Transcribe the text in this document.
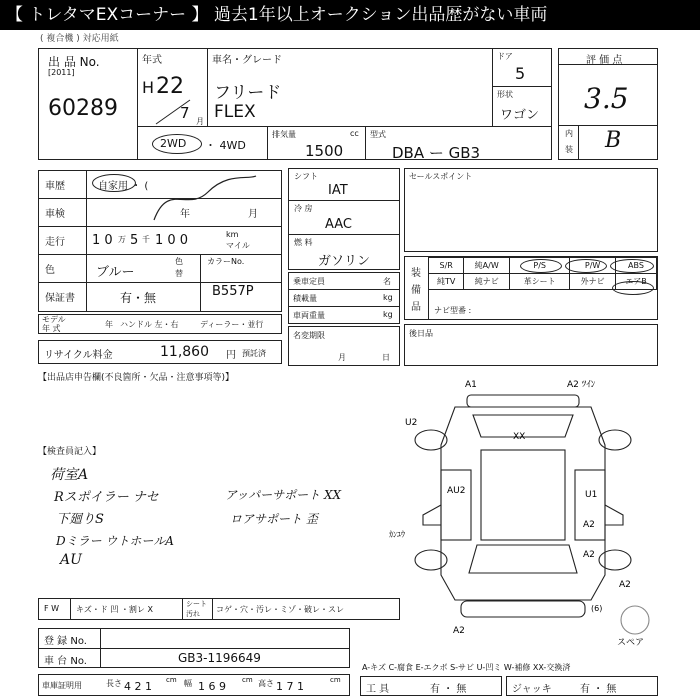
【 トレタマEXコーナー 】 過去1年以上オークション出品歴がない車両
( 複合機 ) 対応用紙
出 品 No.
[2011]
60289
年式
H 22
7 月
車名・グレード
フリード
FLEX
ドア
5
形状
ワゴン
2WD ・ 4WD
排気量	cc
1500
型式
DBA ー GB3
評 価 点
3.5
内
装 B
車歴	自家用 ・ (
車検	年	月
走行 1 0 万 5 千 1 0 0	km
マイル
色	ブルー
色
替
カラーNo.
B557P
保証書	有・無
モデル
年 式	年 ハンドル 左・右	ディーラー・並行
リサイクル料金	11,860 円 預託済
シフト
IAT
冷 房
AAC
燃 料
ガソリン
乗車定員	名
積載量	kg
車両重量	kg
名変期限
月	日
セールスポイント
装
備
品
S/R	純A/W	P/S	P/W	ABS
純TV	純ナビ	革シート	外ナビ	エアB
ナビ型番 :
後日品
【出品店申告欄(不良箇所・欠品・注意事項等)】
【検査員記入】
荷室A
Rスポイラー ナセ
下廻りS
Dミラー ウトホールA
AU
アッパーサポート XX
ロアサポート 歪
A1	A2 ﾂｲﾝ
U2
XX
AU2	U1
A2
ｶﾝﾕｳ
A2
A2
(6)
A2
スペア
F W キズ・ド 凹 ・割レ X
シート
汚れ コゲ・穴・汚レ・ミゾ・破レ・スレ
登 録 No.
車 台 No.	GB3-1196649
A-キズ C-腐食 E-エクボ S-サビ U-凹ミ W-補修 XX-交換済
車庫証明用	長さ 4 2 1 cm 幅 1 6 9 cm 高さ 1 7 1	cm
工 具	有 ・ 無	ジャッキ	有 ・ 無
